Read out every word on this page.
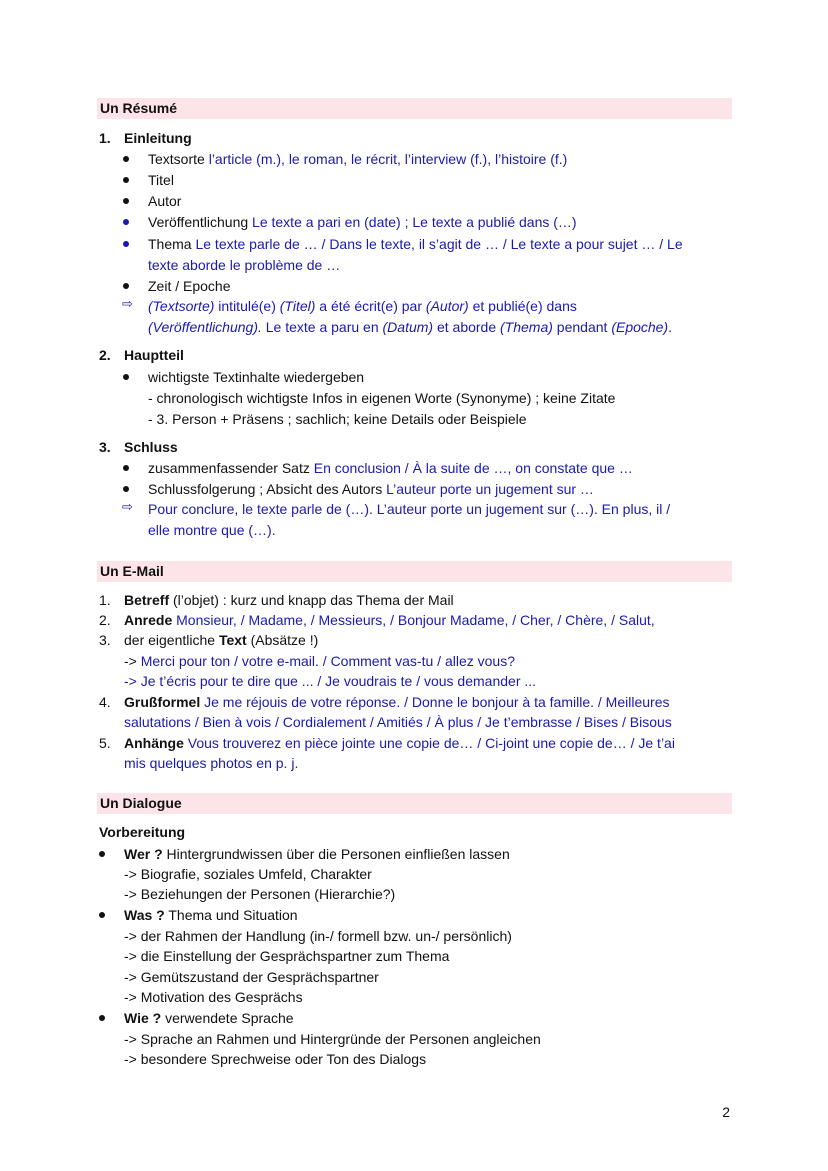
Un Résumé
1. Einleitung
Textsorte l’article (m.), le roman, le récrit, l’interview (f.), l’histoire (f.)
Titel
Autor
Veröffentlichung Le texte a pari en (date) ; Le texte a publié dans (…)
Thema Le texte parle de … / Dans le texte, il s’agit de … / Le texte a pour sujet … / Le
texte aborde le problème de …
Zeit / Epoche
⇨ (Textsorte) intitulé(e) (Titel) a été écrit(e) par (Autor) et publié(e) dans
(Veröffentlichung). Le texte a paru en (Datum) et aborde (Thema) pendant (Epoche).
2. Hauptteil
wichtigste Textinhalte wiedergeben
- chronologisch wichtigste Infos in eigenen Worte (Synonyme) ; keine Zitate
- 3. Person + Präsens ; sachlich; keine Details oder Beispiele
3. Schluss
zusammenfassender Satz En conclusion / À la suite de …, on constate que …
Schlussfolgerung ; Absicht des Autors L’auteur porte un jugement sur …
⇨ Pour conclure, le texte parle de (…). L’auteur porte un jugement sur (…). En plus, il /
elle montre que (…).
Un E-Mail
1. Betreff (l’objet) : kurz und knapp das Thema der Mail
2. Anrede Monsieur, / Madame, / Messieurs, / Bonjour Madame, / Cher, / Chère, / Salut,
3. der eigentliche Text (Absätze !)
-> Merci pour ton / votre e-mail. / Comment vas-tu / allez vous?
-> Je t’écris pour te dire que ... / Je voudrais te / vous demander ...
4. Grußformel Je me réjouis de votre réponse. / Donne le bonjour à ta famille. / Meilleures
salutations / Bien à vois / Cordialement / Amitiés / À plus / Je t’embrasse / Bises / Bisous
5. Anhänge Vous trouverez en pièce jointe une copie de… / Ci-joint une copie de… / Je t’ai
mis quelques photos en p. j.
Un Dialogue
Vorbereitung
Wer ? Hintergrundwissen über die Personen einfließen lassen
-> Biografie, soziales Umfeld, Charakter
-> Beziehungen der Personen (Hierarchie?)
Was ? Thema und Situation
-> der Rahmen der Handlung (in-/ formell bzw. un-/ persönlich)
-> die Einstellung der Gesprächspartner zum Thema
-> Gemütszustand der Gesprächspartner
-> Motivation des Gesprächs
Wie ? verwendete Sprache
-> Sprache an Rahmen und Hintergründe der Personen angleichen
-> besondere Sprechweise oder Ton des Dialogs
2
